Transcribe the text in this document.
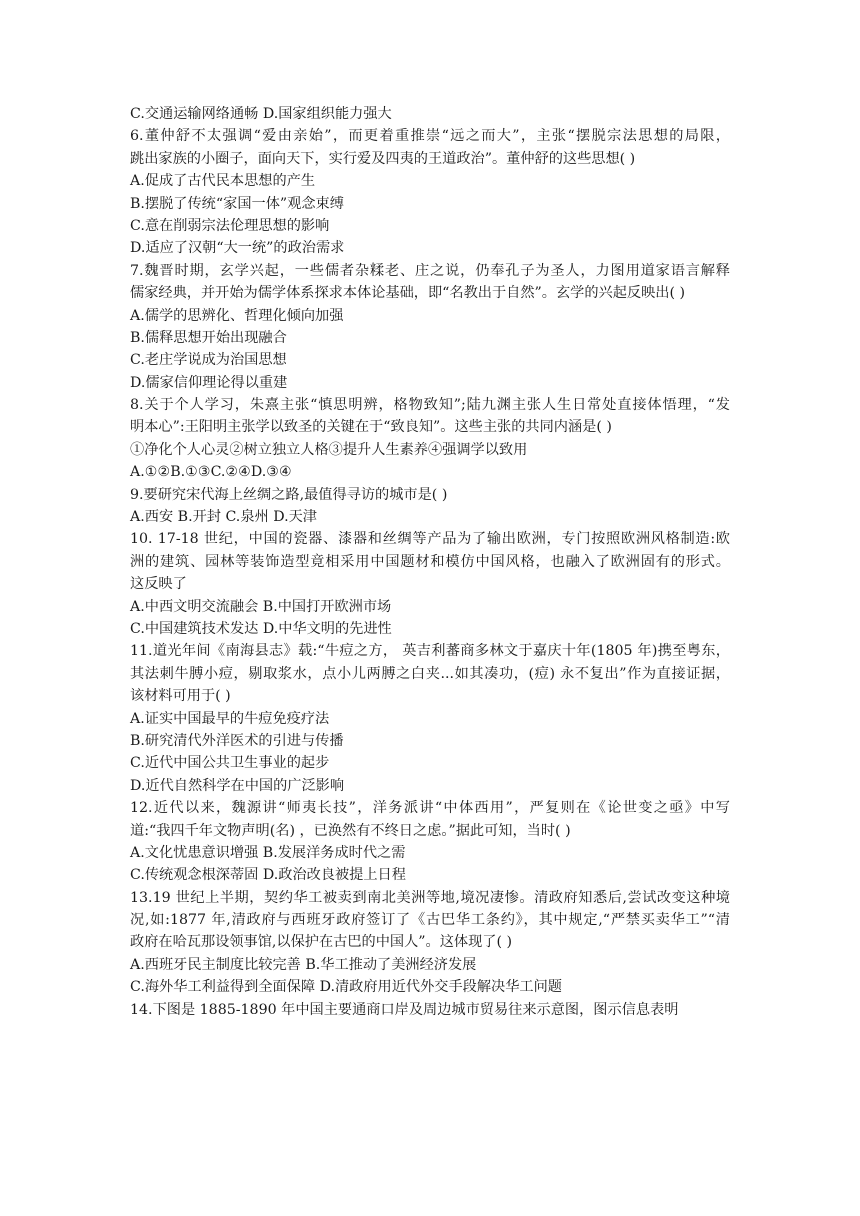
C.交通运输网络通畅 D.国家组织能力强大
6.董仲舒不太强调“爱由亲始”，而更着重推崇“远之而大”，主张“摆脱宗法思想的局限，
跳出家族的小圈子，面向天下，实行爱及四夷的王道政治”。董仲舒的这些思想( )
A.促成了古代民本思想的产生
B.摆脱了传统“家国一体”观念束缚
C.意在削弱宗法伦理思想的影响
D.适应了汉朝“大一统”的政治需求
7.魏晋时期，玄学兴起，一些儒者杂糅老、庄之说，仍奉孔子为圣人，力图用道家语言解释
儒家经典，并开始为儒学体系探求本体论基础，即“名教出于自然”。玄学的兴起反映出( )
A.儒学的思辨化、哲理化倾向加强
B.儒释思想开始出现融合
C.老庄学说成为治国思想
D.儒家信仰理论得以重建
8.关于个人学习，朱熹主张“慎思明辨，格物致知”;陆九渊主张人生日常处直接体悟理，“发
明本心”:王阳明主张学以致圣的关键在于“致良知”。这些主张的共同内涵是( )
①净化个人心灵②树立独立人格③提升人生素养④强调学以致用
A.①②B.①③C.②④D.③④
9.要研究宋代海上丝绸之路,最值得寻访的城市是( )
A.西安 B.开封 C.泉州 D.天津
10. 17-18 世纪，中国的瓷器、漆器和丝绸等产品为了输出欧洲，专门按照欧洲风格制造:欧
洲的建筑、园林等装饰造型竟相采用中国题材和模仿中国风格，也融入了欧洲固有的形式。
这反映了
A.中西文明交流融会 B.中国打开欧洲市场
C.中国建筑技术发达 D.中华文明的先进性
11.道光年间《南海县志》载:“牛痘之方， 英吉利蕃商多林文于嘉庆十年(1805 年)携至粤东，
其法刺牛膊小痘，剔取浆水，点小儿两膊之白夹...如其凑功，(痘) 永不复出”作为直接证据，
该材料可用于( )
A.证实中国最早的牛痘免疫疗法
B.研究清代外洋医术的引进与传播
C.近代中国公共卫生事业的起步
D.近代自然科学在中国的广泛影响
12.近代以来，魏源讲“师夷长技”，洋务派讲“中体西用”，严复则在《论世变之亟》中写
道:“我四千年文物声明(名) ，已涣然有不终日之虑。”据此可知，当时( )
A.文化忧患意识增强 B.发展洋务成时代之需
C.传统观念根深蒂固 D.政治改良被提上日程
13.19 世纪上半期，契约华工被卖到南北美洲等地,境况凄惨。清政府知悉后,尝试改变这种境
况,如:1877 年,清政府与西班牙政府签订了《古巴华工条约》，其中规定,“严禁买卖华工”“清
政府在哈瓦那设领事馆,以保护在古巴的中国人”。这体现了( )
A.西班牙民主制度比较完善 B.华工推动了美洲经济发展
C.海外华工利益得到全面保障 D.清政府用近代外交手段解决华工问题
14.下图是 1885-1890 年中国主要通商口岸及周边城市贸易往来示意图，图示信息表明
